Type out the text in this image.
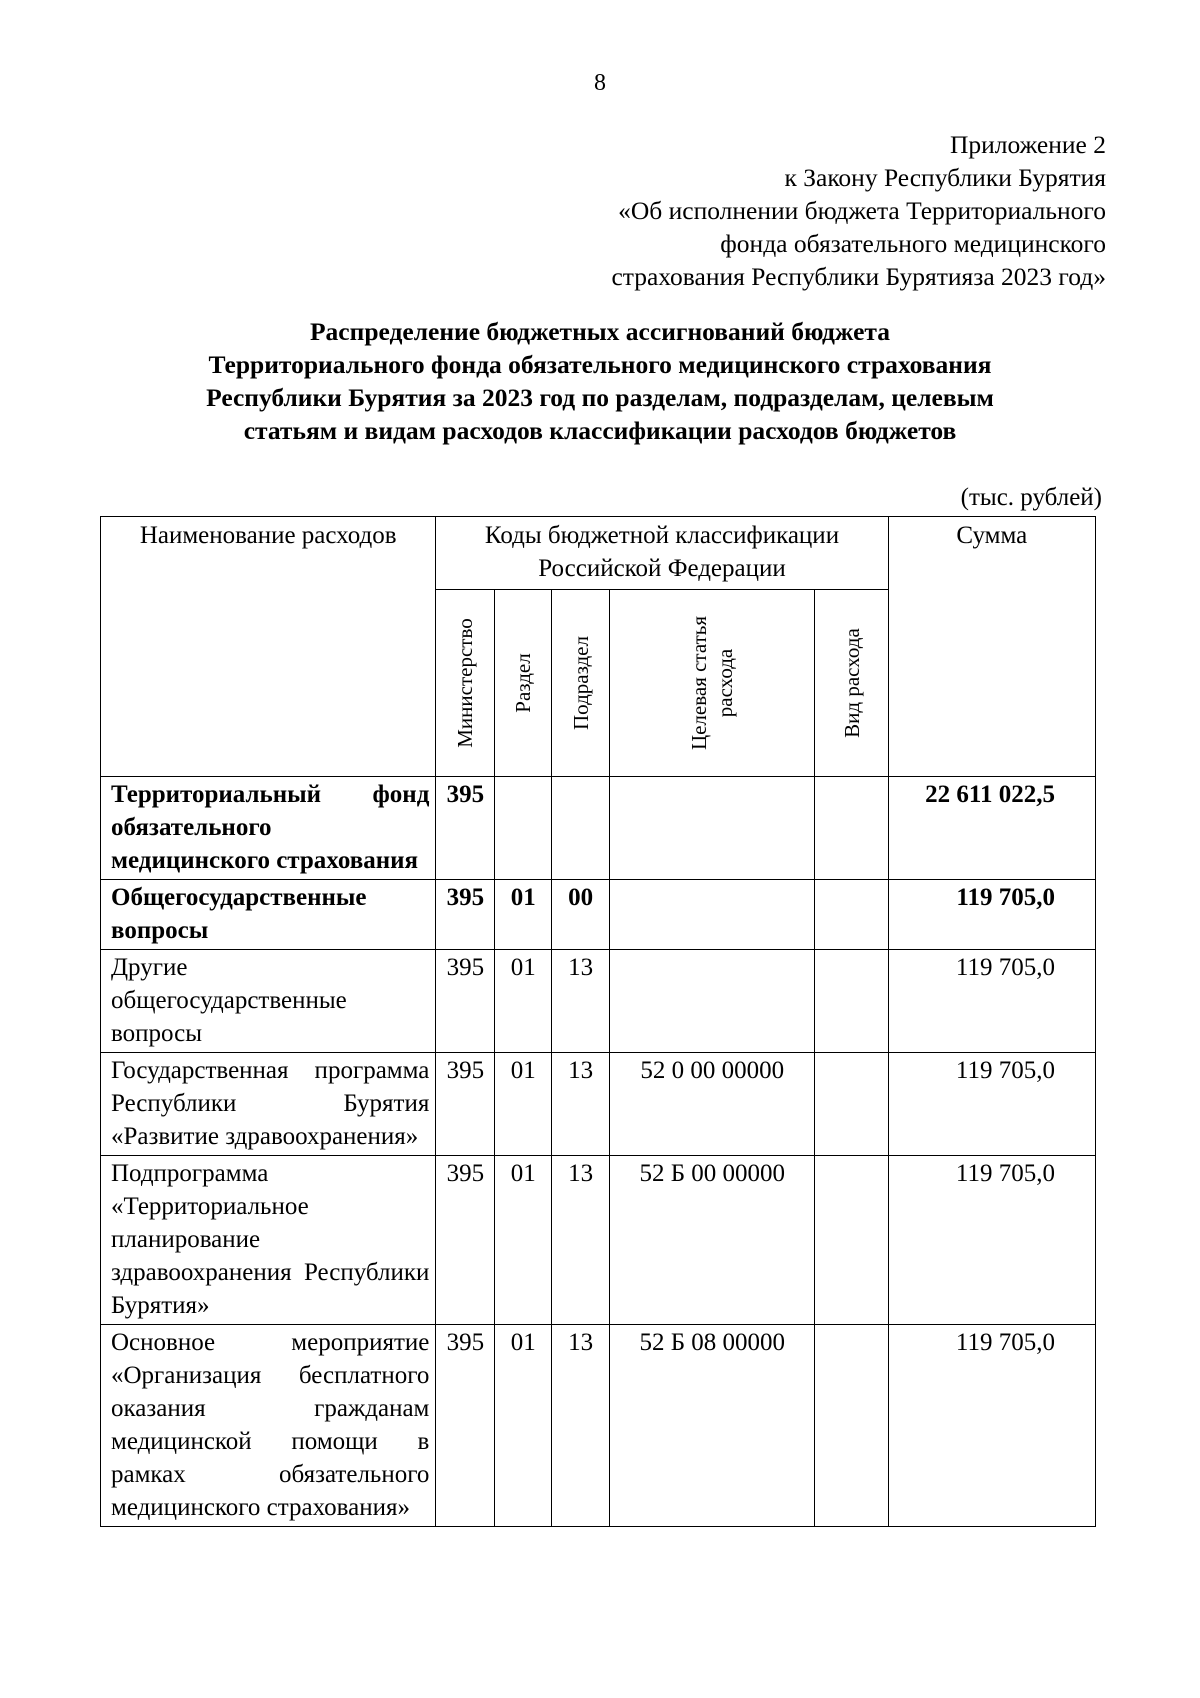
8
Приложение 2
к Закону Республики Бурятия
«Об исполнении бюджета Территориального
фонда обязательного медицинского
страхования Республики Бурятияза 2023 год»
Распределение бюджетных ассигнований бюджета
Территориального фонда обязательного медицинского страхования
Республики Бурятия за 2023 год по разделам, подразделам, целевым
статьям и видам расходов классификации расходов бюджетов
(тыс. рублей)
Наименование расходов	Коды бюджетной классификации
Российской Федерации					Сумма

	Министерство	Раздел	Подраздел	Целевая статья расхода	Вид расхода	

Территориальный фонд обязательного медицинского страхования	395					22 611 022,5
Общегосударственные вопросы	395	01	00			119 705,0
Другие общегосударственные вопросы	395	01	13			119 705,0
Государственная программа Республики Бурятия «Развитие здравоохранения»	395	01	13	52 0 00 00000		119 705,0
Подпрограмма «Территориальное планирование здравоохранения Республики Бурятия»	395	01	13	52 Б 00 00000		119 705,0
Основное мероприятие «Организация бесплатного оказания гражданам медицинской помощи в рамках обязательного медицинского страхования»	395	01	13	52 Б 08 00000		119 705,0
